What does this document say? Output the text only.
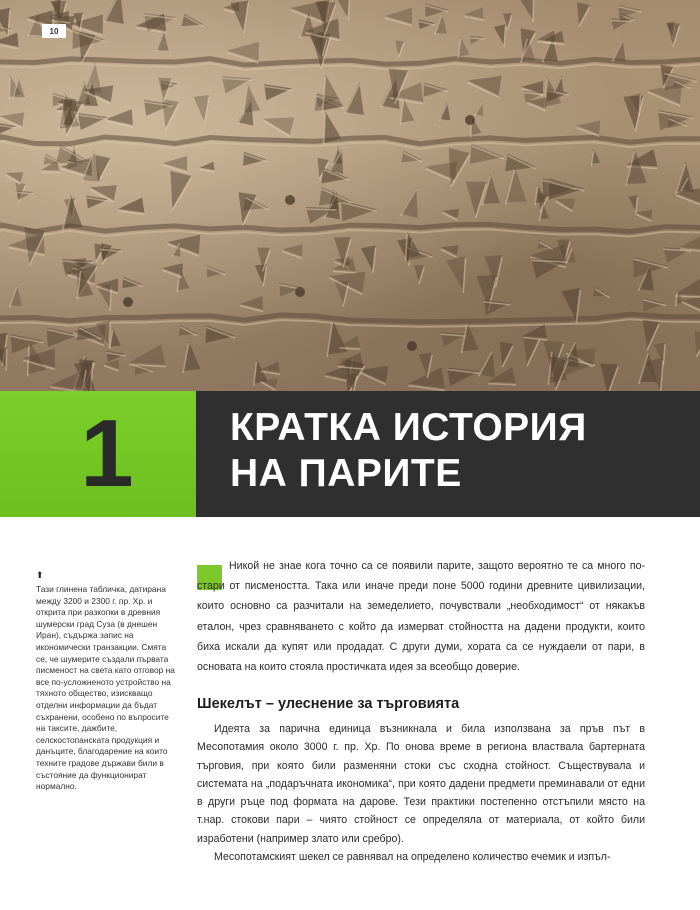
10
1 КРАТКА ИСТОРИЯ
НА ПАРИТЕ
⬆
Тази глинена табличка, датирана между 3200 и 2300 г. пр. Хр. и открита при разкопки в древния шумерски град Суза (в днешен Иран), съдържа запис на икономически транзакции. Смята се, че шумерите създали първата писменост на света като отговор на все по-усложненото устройство на тяхното общество, изискващо отделни информации да бъдат съхранени, особено по въпросите на таксите, дажбите, селскостопанската продукция и данъците, благодарение на които техните градове държави били в състояние да функционират нормално.

Никой не знае кога точно са се появили парите, защото вероятно те са много по-стари от писмеността. Така или иначе преди поне 5000 години древните цивилизации, които основно са разчитали на земеделието, почувствали „необходимост“ от някакъв еталон, чрез сравняването с който да измерват стойността на дадени продукти, които биха искали да купят или продадат. С други думи, хората са се нуждаели от пари, в основата на които стояла простичката идея за всеобщо доверие.

Шекелът – улеснение за търговията

Идеята за парична единица възникнала и била използвана за пръв път в Месопотамия около 3000 г. пр. Хр. По онова време в региона властвала бартерната търговия, при която били разменяни стоки със сходна стойност. Съществувала и системата на „подаръчната икономика“, при която дадени предмети преминавали от едни в други ръце под формата на дарове. Тези практики постепенно отстъпили място на т.нар. стокови пари – чиято стойност се определяла от материала, от който били изработени (например злато или сребро).

Месопотамският шекел се равнявал на определено количество ечемик и изпъл-
